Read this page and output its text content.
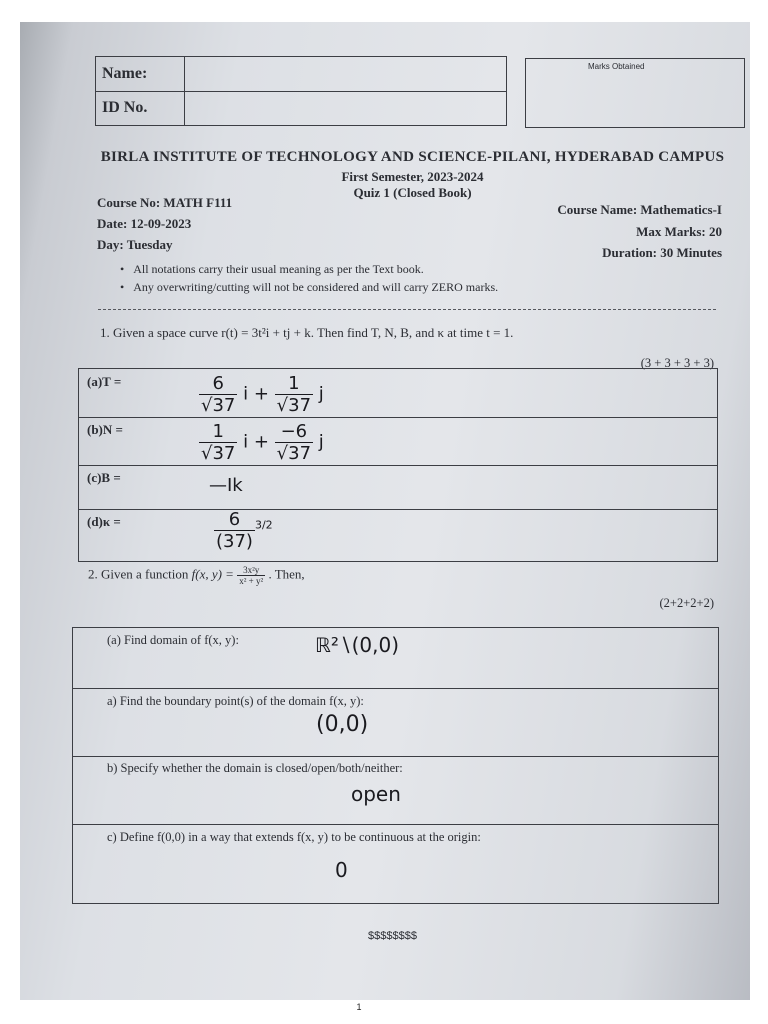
Name:
ID No.
Marks Obtained
BIRLA INSTITUTE OF TECHNOLOGY AND SCIENCE-PILANI, HYDERABAD CAMPUS
First Semester, 2023-2024
Quiz 1 (Closed Book)
Course No: MATH F111
Date: 12-09-2023
Day: Tuesday
Course Name: Mathematics-I
Max Marks: 20
Duration: 30 Minutes
•   All notations carry their usual meaning as per the Text book.
•   Any overwriting/cutting will not be considered and will carry ZERO marks.
1. Given a space curve r(t) = 3t²i + tj + k. Then find T, N, B, and κ at time t = 1.
(3 + 3 + 3 + 3)
(a)T =	$\frac{6}{√37}$ $i + \frac{1}{√37}$ j
(b)N =	$\frac{1}{√37}$ $i + \frac{-6}{√37}$ j
(c)B =	—Ik
(d)κ =	$\frac{6}{(37)} ^{3/2}$
2. Given a function f(x, $y) = \frac{\text{3x²y}}{\text{x² + y²}}$ . Then,
(2+2+2+2)
(a) Find domain of f(x, y):	ℝ²∖(0,0)
a) Find the boundary point(s) of the domain f(x, y):
(0,0)
b) Specify whether the domain is closed/open/both/neither:
open
c) Define f(0,0) in a way that extends f(x, y) to be continuous at the origin:
0
$$$$$$$$
1
